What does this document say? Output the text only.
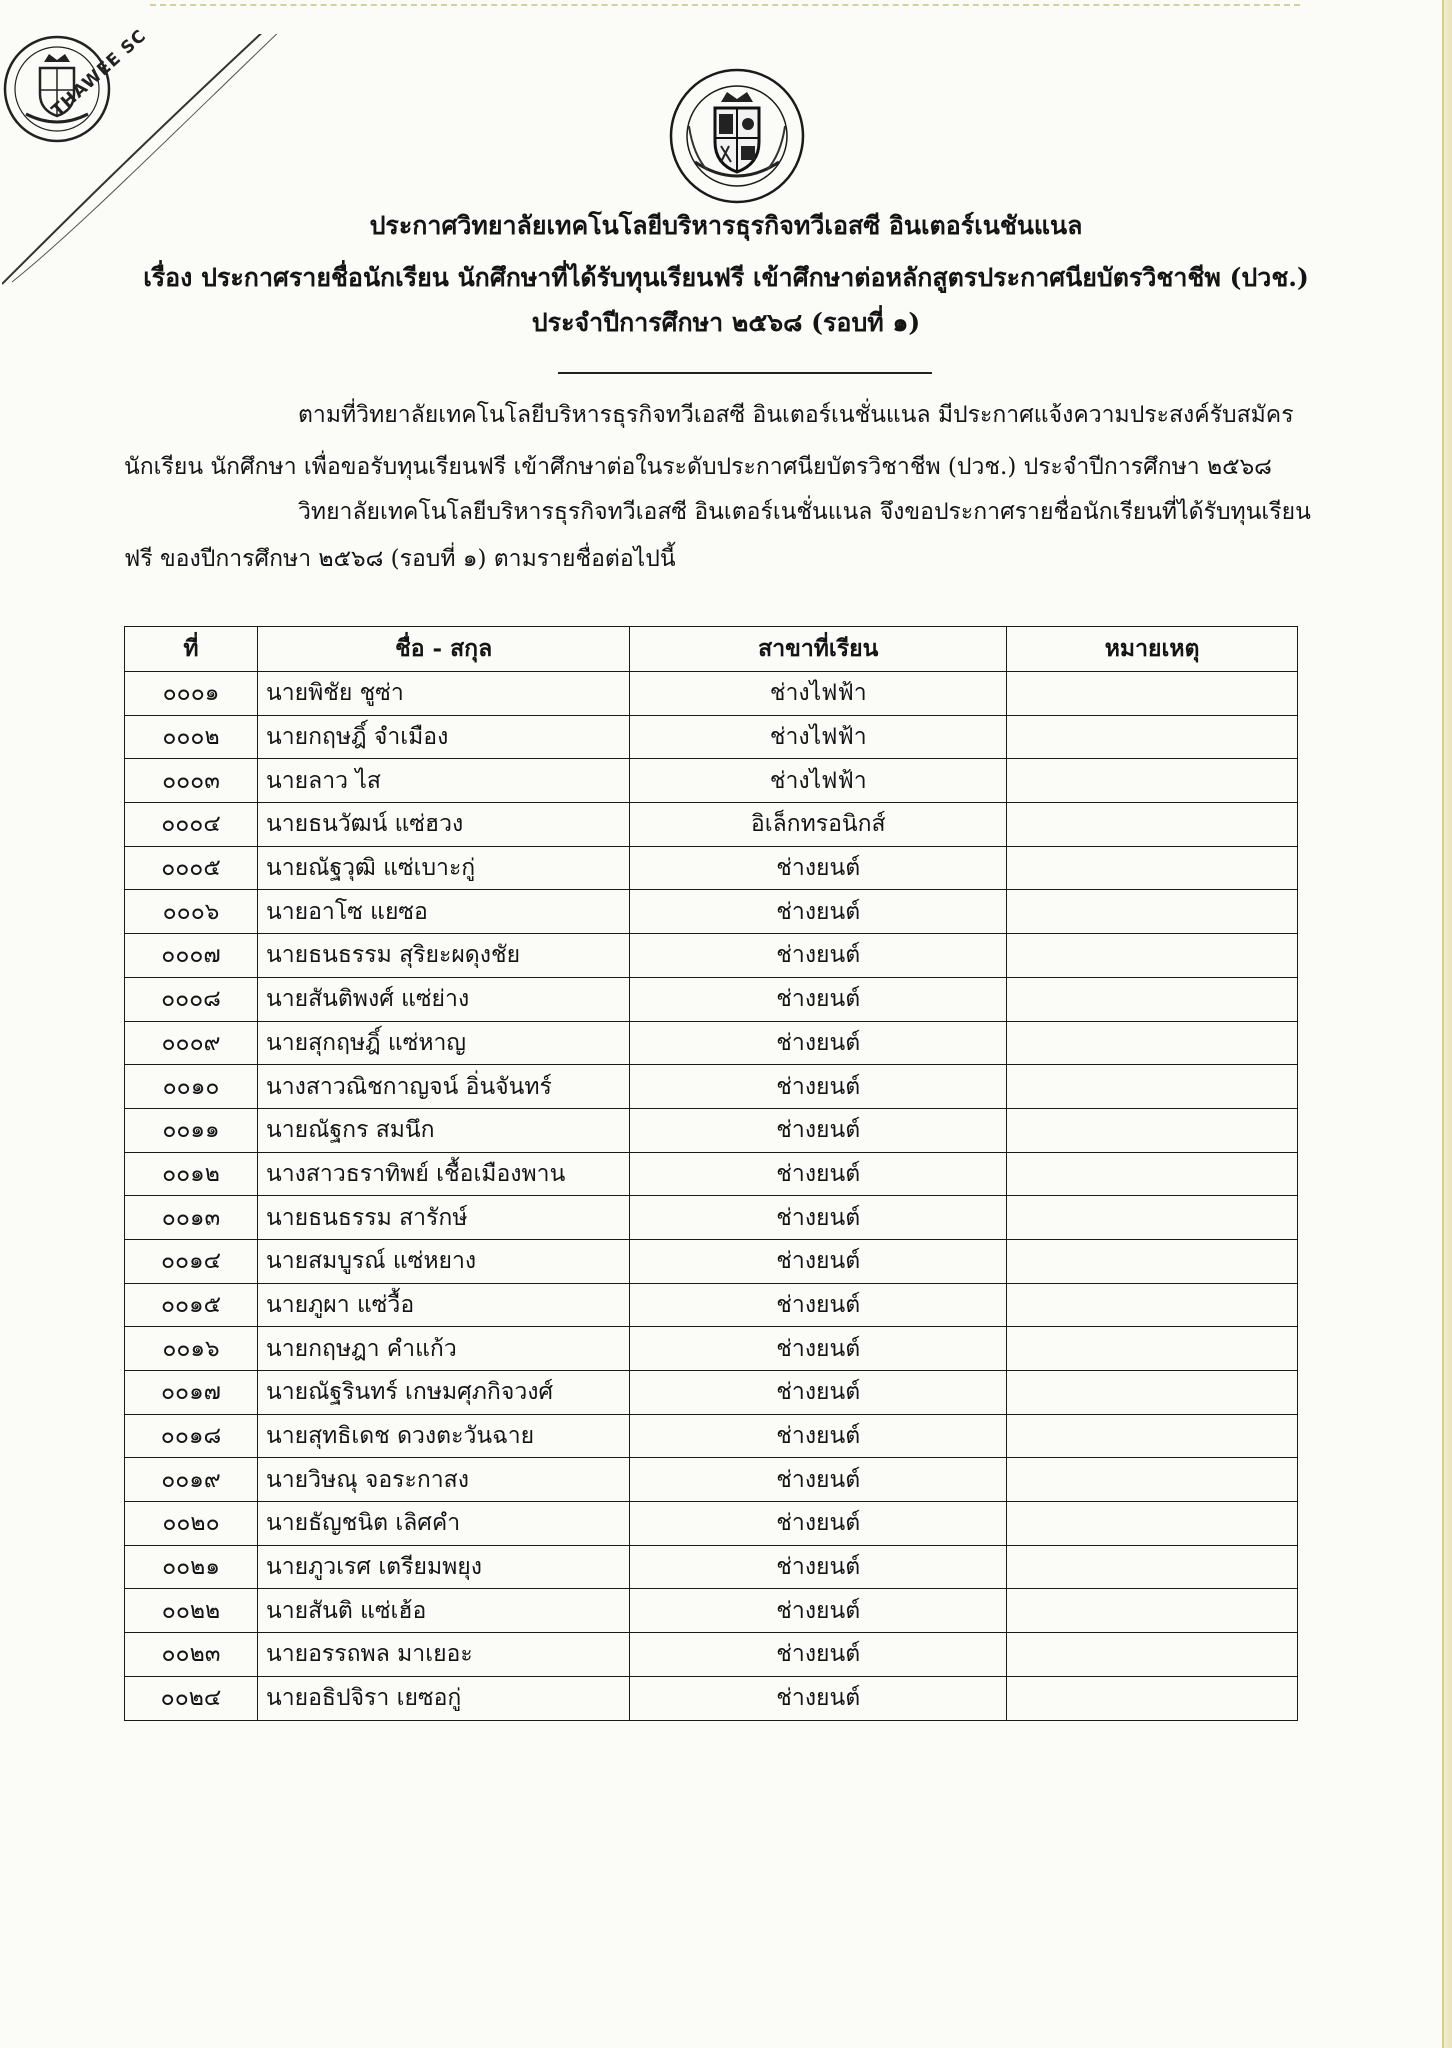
THAWEE SC
ประกาศวิทยาลัยเทคโนโลยีบริหารธุรกิจทวีเอสซี อินเตอร์เนชันแนล
เรื่อง ประกาศรายชื่อนักเรียน นักศึกษาที่ได้รับทุนเรียนฟรี เข้าศึกษาต่อหลักสูตรประกาศนียบัตรวิชาชีพ (ปวช.)
ประจำปีการศึกษา ๒๕๖๘ (รอบที่ ๑)
ตามที่วิทยาลัยเทคโนโลยีบริหารธุรกิจทวีเอสซี อินเตอร์เนชั่นแนล มีประกาศแจ้งความประสงค์รับสมัคร
นักเรียน นักศึกษา เพื่อขอรับทุนเรียนฟรี เข้าศึกษาต่อในระดับประกาศนียบัตรวิชาชีพ (ปวช.) ประจำปีการศึกษา ๒๕๖๘
วิทยาลัยเทคโนโลยีบริหารธุรกิจทวีเอสซี อินเตอร์เนชั่นแนล จึงขอประกาศรายชื่อนักเรียนที่ได้รับทุนเรียน
ฟรี ของปีการศึกษา ๒๕๖๘ (รอบที่ ๑) ตามรายชื่อต่อไปนี้
ที่	ชื่อ - สกุล	สาขาที่เรียน	หมายเหตุ
๐๐๐๑	นายพิชัย ชูซ่า	ช่างไฟฟ้า	
๐๐๐๒	นายกฤษฎิ์ จำเมือง	ช่างไฟฟ้า	
๐๐๐๓	นายลาว ไส	ช่างไฟฟ้า	
๐๐๐๔	นายธนวัฒน์ แซ่ฮวง	อิเล็กทรอนิกส์	
๐๐๐๕	นายณัฐวุฒิ แซ่เบาะกู่	ช่างยนต์	
๐๐๐๖	นายอาโซ แยซอ	ช่างยนต์	
๐๐๐๗	นายธนธรรม สุริยะผดุงชัย	ช่างยนต์	
๐๐๐๘	นายสันติพงศ์ แซ่ย่าง	ช่างยนต์	
๐๐๐๙	นายสุกฤษฎิ์ แซ่หาญ	ช่างยนต์	
๐๐๑๐	นางสาวณิชกาญจน์ อิ่นจันทร์	ช่างยนต์	
๐๐๑๑	นายณัฐกร สมนึก	ช่างยนต์	
๐๐๑๒	นางสาวธราทิพย์ เชื้อเมืองพาน	ช่างยนต์	
๐๐๑๓	นายธนธรรม สารักษ์	ช่างยนต์	
๐๐๑๔	นายสมบูรณ์ แซ่หยาง	ช่างยนต์	
๐๐๑๕	นายภูผา แซ่วื้อ	ช่างยนต์	
๐๐๑๖	นายกฤษฎา คำแก้ว	ช่างยนต์	
๐๐๑๗	นายณัฐรินทร์ เกษมศุภกิจวงศ์	ช่างยนต์	
๐๐๑๘	นายสุทธิเดช ดวงตะวันฉาย	ช่างยนต์	
๐๐๑๙	นายวิษณุ จอระกาสง	ช่างยนต์	
๐๐๒๐	นายธัญชนิต เลิศคำ	ช่างยนต์	
๐๐๒๑	นายภูวเรศ เตรียมพยุง	ช่างยนต์	
๐๐๒๒	นายสันติ แซ่เฮ้อ	ช่างยนต์	
๐๐๒๓	นายอรรถพล มาเยอะ	ช่างยนต์	
๐๐๒๔	นายอธิปจิรา เยซอกู่	ช่างยนต์	
